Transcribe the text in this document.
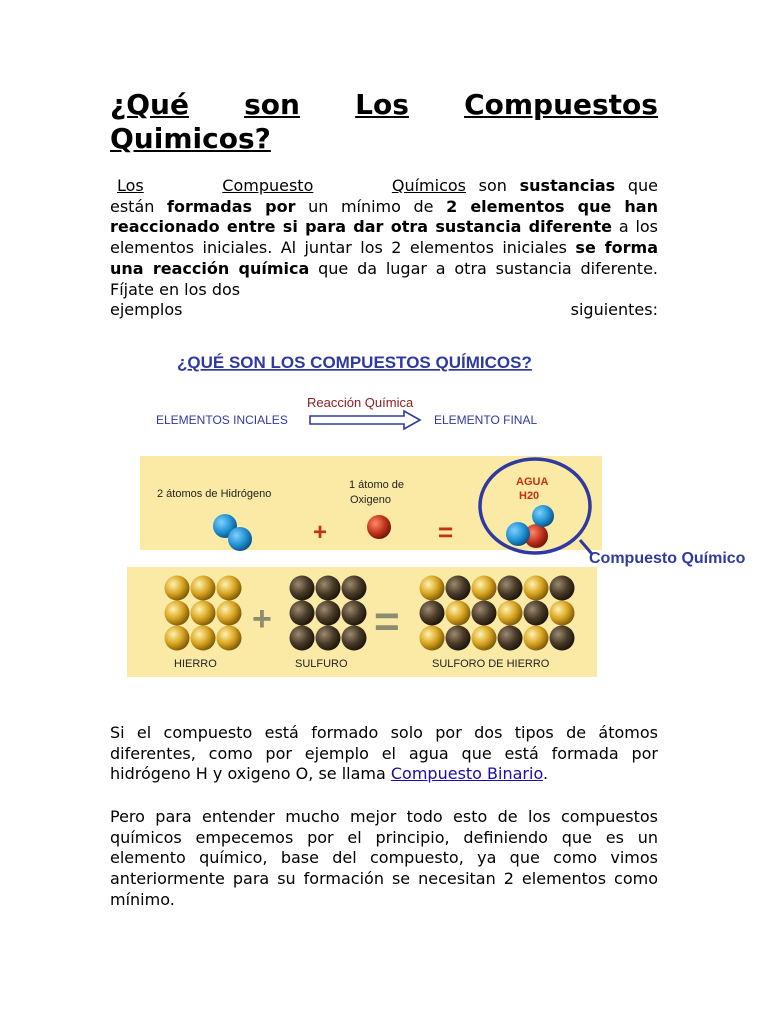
¿Qué son Los Compuestos
Quimicos?

Los	Compuesto	Químicos son sustancias que están formadas por un mínimo de 2 elementos que han reaccionado entre si para dar otra sustancia diferente a los elementos iniciales. Al juntar los 2 elementos iniciales se forma una reacción química que da lugar a otra sustancia diferente. Fíjate en los dos
ejemplos	siguientes:

¿QUÉ SON LOS COMPUESTOS QUÍMICOS?
Reacción Química
ELEMENTOS INCIALES	ELEMENTO FINAL
2 átomos de Hidrógeno
+
1 átomo de
Oxigeno
=
AGUA
H20
Compuesto Químico
+ =
HIERRO	SULFURO	SULFORO DE HIERRO

Si el compuesto está formado solo por dos tipos de átomos diferentes, como por ejemplo el agua que está formada por hidrógeno H y oxigeno O, se llama Compuesto Binario.

Pero para entender mucho mejor todo esto de los compuestos químicos empecemos por el principio, definiendo que es un elemento químico, base del compuesto, ya que como vimos anteriormente para su formación se necesitan 2 elementos como mínimo.
